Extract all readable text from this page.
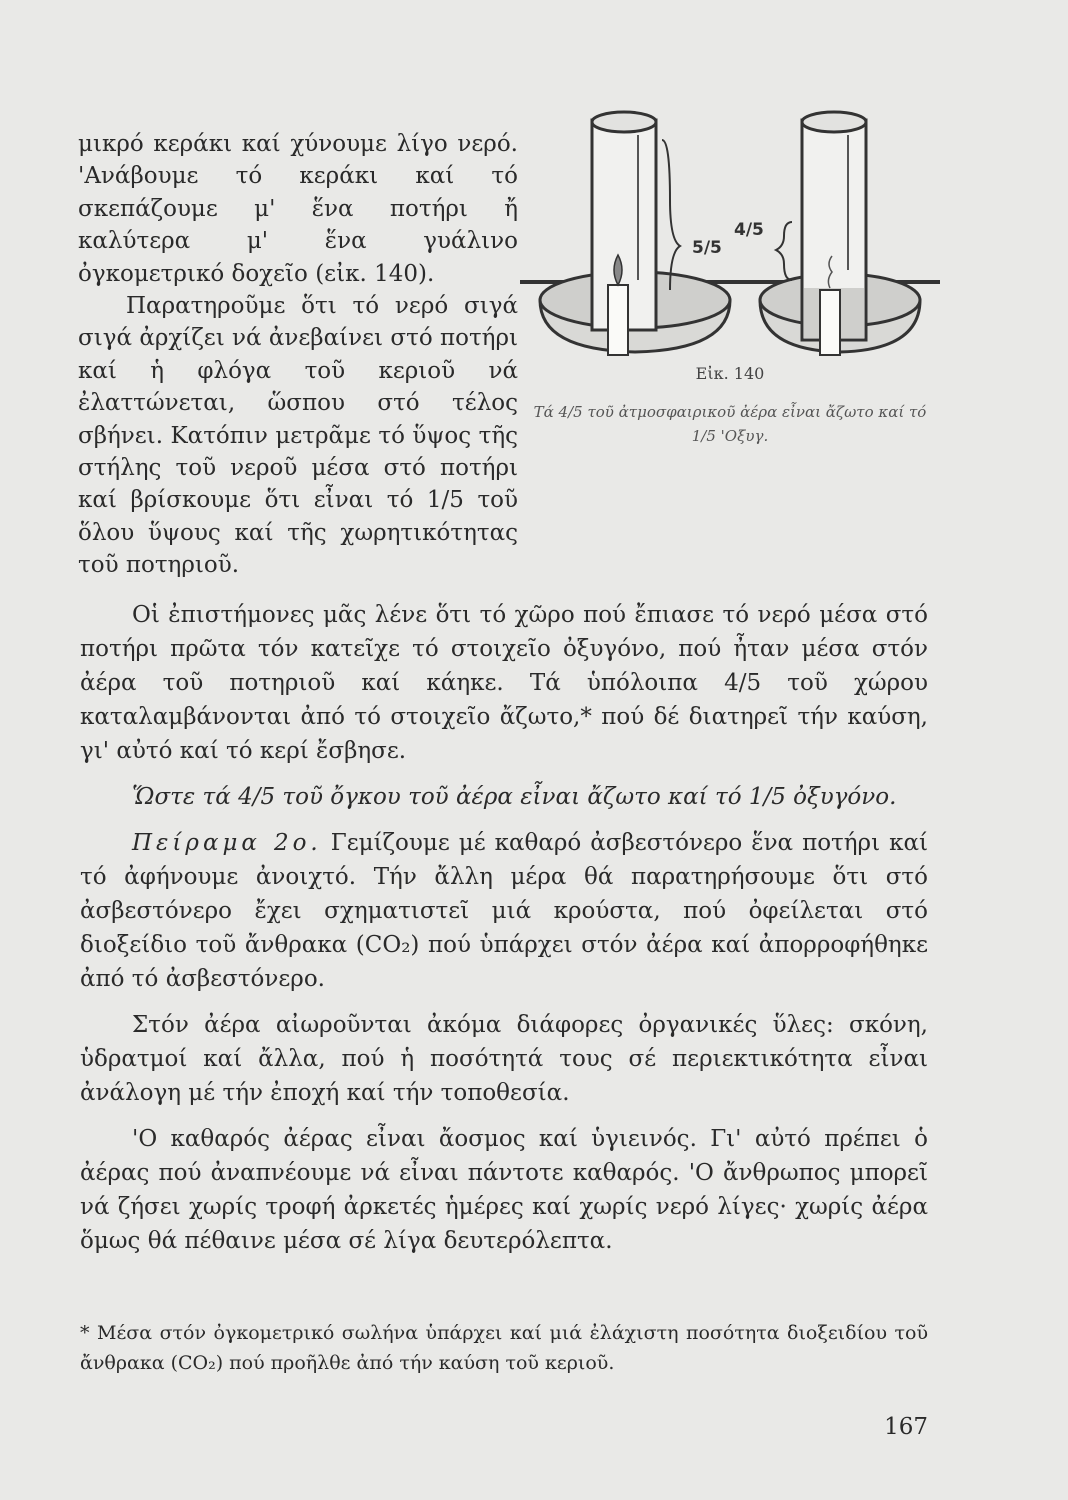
μικρό κεράκι καί χύνουμε λίγο νερό. 'Ανάβουμε τό κεράκι καί τό σκεπάζουμε μ' ἕνα ποτήρι ἤ καλύτερα μ' ἕνα γυάλινο ὀγκομετρικό δοχεῖο (εἰκ. 140).

Παρατηροῦμε ὅτι τό νερό σιγά σιγά ἀρχίζει νά ἀνεβαίνει στό ποτήρι καί ἡ φλόγα τοῦ κεριοῦ νά ἐλαττώνεται, ὥσπου στό τέλος σβήνει. Κατόπιν μετρᾶμε τό ὕψος τῆς στήλης τοῦ νεροῦ μέσα στό ποτήρι καί βρίσκουμε ὅτι εἶναι τό 1/5 τοῦ ὅλου ὕψους καί τῆς χωρητικότητας τοῦ ποτηριοῦ.

5/5
4/5
Εἰκ. 140
Τά 4/5 τοῦ ἀτμοσφαιρικοῦ ἀέρα εἶναι ἄζωτο καί τό 1/5 'Οξυγ.

Οἱ ἐπιστήμονες μᾶς λένε ὅτι τό χῶρο πού ἔπιασε τό νερό μέσα στό ποτήρι πρῶτα τόν κατεῖχε τό στοιχεῖο ὀξυγόνο, πού ἦταν μέσα στόν ἀέρα τοῦ ποτηριοῦ καί κάηκε. Τά ὑπόλοιπα 4/5 τοῦ χώρου καταλαμβάνονται ἀπό τό στοιχεῖο ἄζωτο,* πού δέ διατηρεῖ τήν καύση, γι' αὐτό καί τό κερί ἔσβησε.

Ὥστε τά 4/5 τοῦ ὄγκου τοῦ ἀέρα εἶναι ἄζωτο καί τό 1/5 ὀξυγόνο.

Πείραμα 2ο. Γεμίζουμε μέ καθαρό ἀσβεστόνερο ἕνα ποτήρι καί τό ἀφήνουμε ἀνοιχτό. Τήν ἄλλη μέρα θά παρατηρήσουμε ὅτι στό ἀσβεστόνερο ἔχει σχηματιστεῖ μιά κρούστα, πού ὀφείλεται στό διοξείδιο τοῦ ἄνθρακα (CO₂) πού ὑπάρχει στόν ἀέρα καί ἀπορροφήθηκε ἀπό τό ἀσβεστόνερο.

Στόν ἀέρα αἰωροῦνται ἀκόμα διάφορες ὀργανικές ὕλες: σκόνη, ὑδρατμοί καί ἄλλα, πού ἡ ποσότητά τους σέ περιεκτικότητα εἶναι ἀνάλογη μέ τήν ἐποχή καί τήν τοποθεσία.

'Ο καθαρός ἀέρας εἶναι ἄοσμος καί ὑγιεινός. Γι' αὐτό πρέπει ὁ ἀέρας πού ἀναπνέουμε νά εἶναι πάντοτε καθαρός. 'Ο ἄνθρωπος μπορεῖ νά ζήσει χωρίς τροφή ἀρκετές ἡμέρες καί χωρίς νερό λίγες· χωρίς ἀέρα ὅμως θά πέθαινε μέσα σέ λίγα δευτερόλεπτα.

* Μέσα στόν ὀγκομετρικό σωλήνα ὑπάρχει καί μιά ἐλάχιστη ποσότητα διοξειδίου τοῦ ἄνθρακα (CO₂) πού προῆλθε ἀπό τήν καύση τοῦ κεριοῦ.
167
